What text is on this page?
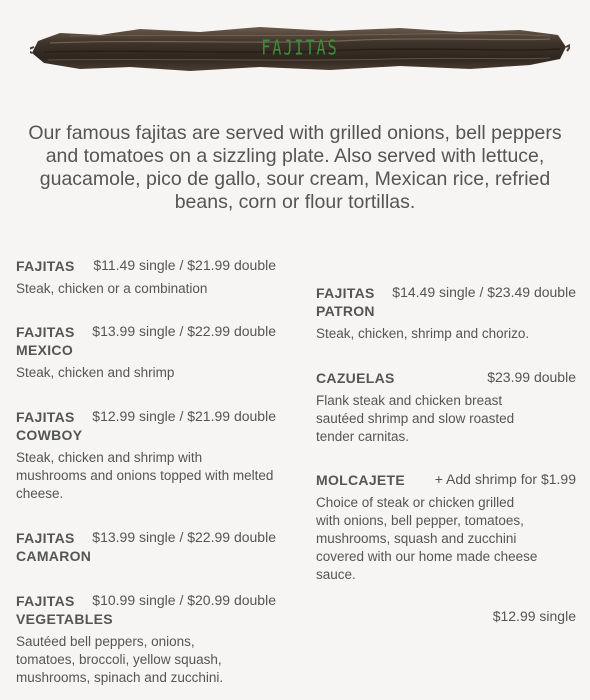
FAJITAS
Our famous fajitas are served with grilled onions, bell peppers and tomatoes on a sizzling plate. Also served with lettuce, guacamole, pico de gallo, sour cream, Mexican rice, refried beans, corn or flour tortillas.
FAJITAS	$11.49 single / $21.99 double
Steak, chicken or a combination
FAJITAS MEXICO
$13.99 single / $22.99 double
Steak, chicken and shrimp
FAJITAS COWBOY
$12.99 single / $21.99 double
Steak, chicken and shrimp with mushrooms and onions topped with melted cheese.
FAJITAS CAMARON
$13.99 single / $22.99 double
FAJITAS VEGETABLES
$10.99 single / $20.99 double
Sautéed bell peppers, onions, tomatoes, broccoli, yellow squash, mushrooms, spinach and zucchini.
FAJITAS PATRON
$14.49 single / $23.49 double
Steak, chicken, shrimp and chorizo.
CAZUELAS	$23.99 double
Flank steak and chicken breast sautéed shrimp and slow roasted tender carnitas.
MOLCAJETE + Add shrimp for $1.99
Choice of steak or chicken grilled with onions, bell pepper, tomatoes, mushrooms, squash and zucchini covered with our home made cheese sauce.
$12.99 single
